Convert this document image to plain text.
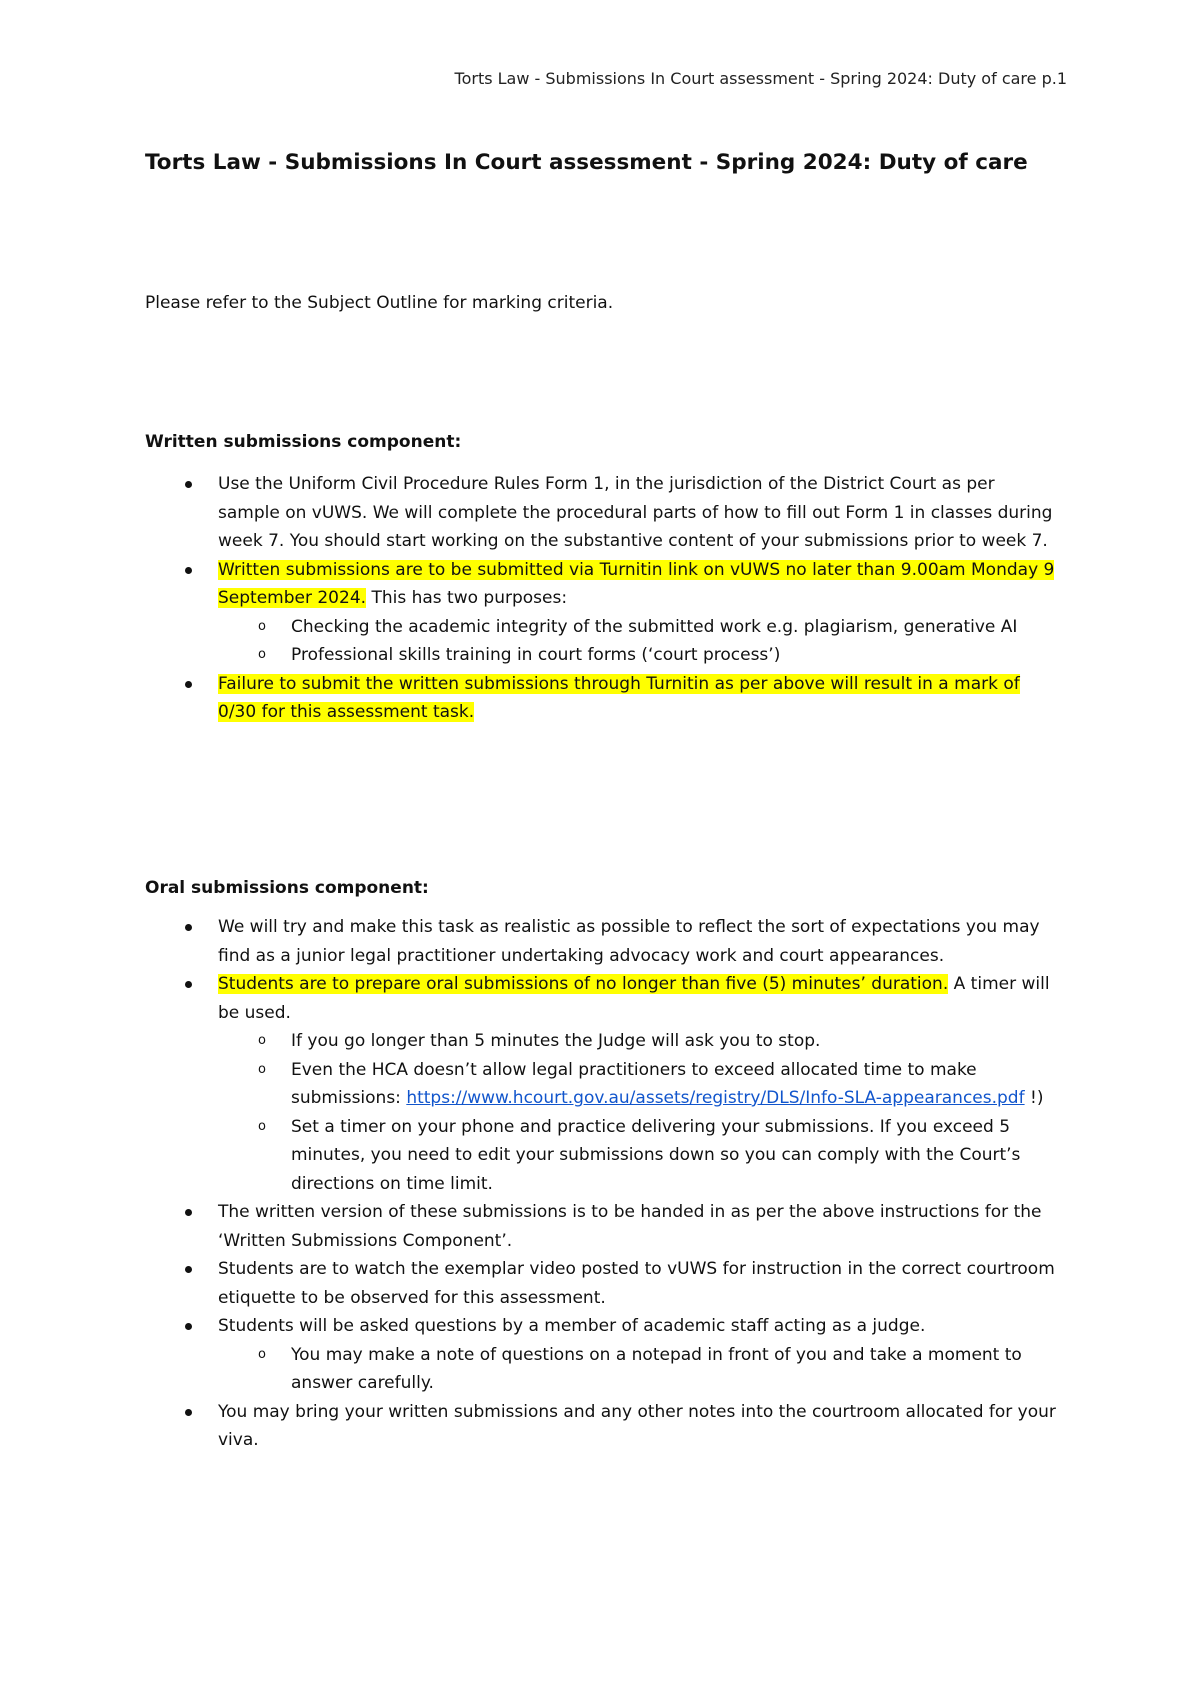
Torts Law - Submissions In Court assessment - Spring 2024: Duty of care p.1
Torts Law - Submissions In Court assessment - Spring 2024: Duty of care

Please refer to the Subject Outline for marking criteria.

Written submissions component:
Use the Uniform Civil Procedure Rules Form 1, in the jurisdiction of the District Court as per sample on vUWS. We will complete the procedural parts of how to fill out Form 1 in classes during week 7. You should start working on the substantive content of your submissions prior to week 7.
Written submissions are to be submitted via Turnitin link on vUWS no later than 9.00am Monday 9 September 2024. This has two purposes:
o Checking the academic integrity of the submitted work e.g. plagiarism, generative AI
o Professional skills training in court forms (‘court process’)
Failure to submit the written submissions through Turnitin as per above will result in a mark of 0/30 for this assessment task.
Oral submissions component:
We will try and make this task as realistic as possible to reflect the sort of expectations you may find as a junior legal practitioner undertaking advocacy work and court appearances.
Students are to prepare oral submissions of no longer than five (5) minutes’ duration. A timer will be used.
o If you go longer than 5 minutes the Judge will ask you to stop.
o Even the HCA doesn’t allow legal practitioners to exceed allocated time to make submissions: https://www.hcourt.gov.au/assets/registry/DLS/Info-SLA-appearances.pdf !)
o Set a timer on your phone and practice delivering your submissions. If you exceed 5 minutes, you need to edit your submissions down so you can comply with the Court’s directions on time limit.
The written version of these submissions is to be handed in as per the above instructions for the ‘Written Submissions Component’.
Students are to watch the exemplar video posted to vUWS for instruction in the correct courtroom etiquette to be observed for this assessment.
Students will be asked questions by a member of academic staff acting as a judge.
o You may make a note of questions on a notepad in front of you and take a moment to answer carefully.
You may bring your written submissions and any other notes into the courtroom allocated for your viva.
